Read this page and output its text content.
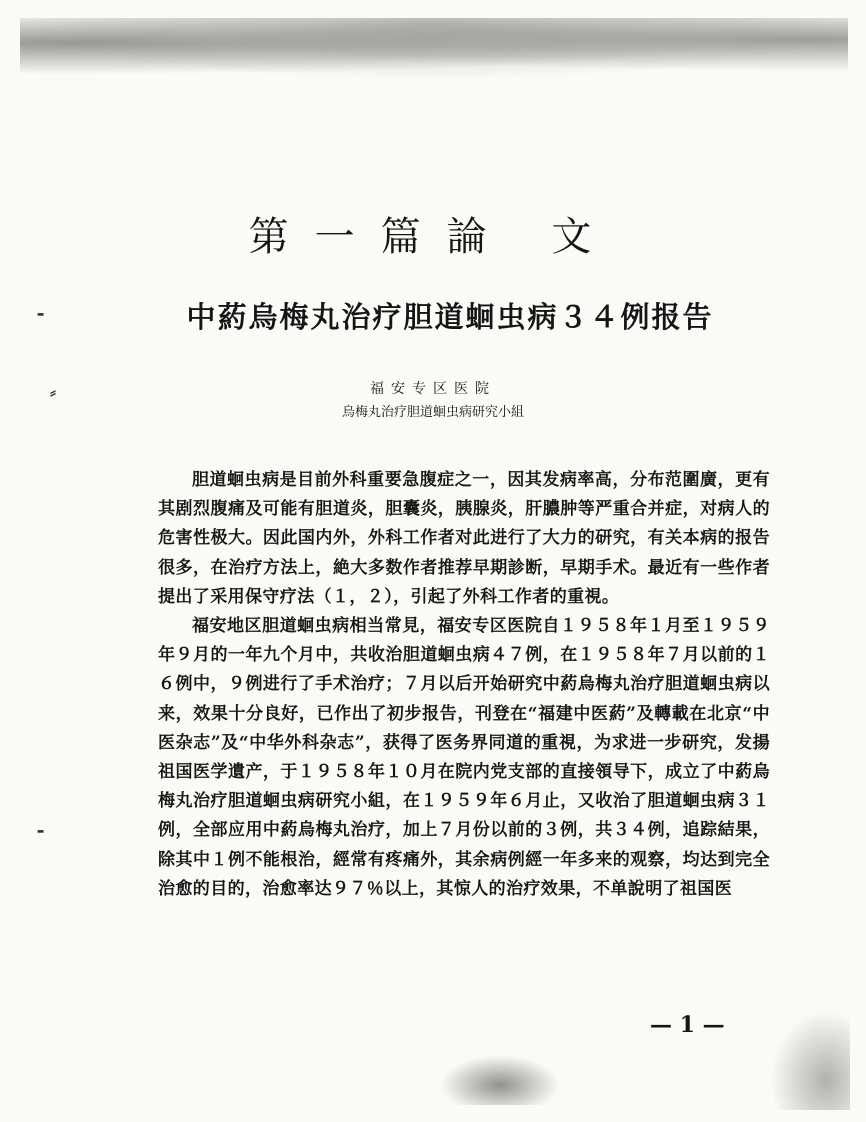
⁃
⸗
⁃
第一篇論 文
中葯烏梅丸治疗胆道蛔虫病３４例报告
福安专区医院
烏梅丸治疗胆道蛔虫病研究小組

胆道蛔虫病是目前外科重要急腹症之一，因其发病率高，分布范圍廣，更有其剧烈腹痛及可能有胆道炎，胆囊炎，胰腺炎，肝膿肿等严重合并症，对病人的危害性极大。因此国内外，外科工作者对此进行了大力的研究，有关本病的报告很多，在治疗方法上，絶大多数作者推荐早期診断，早期手术。最近有一些作者提出了采用保守疗法（１，２），引起了外科工作者的重視。

福安地区胆道蛔虫病相当常見，福安专区医院自１９５８年１月至１９５９年９月的一年九个月中，共收治胆道蛔虫病４７例，在１９５８年７月以前的１６例中，９例进行了手术治疗；７月以后开始研究中葯烏梅丸治疗胆道蛔虫病以来，效果十分良好，已作出了初步报告，刊登在“福建中医葯”及轉載在北京“中医杂志”及“中华外科杂志”，获得了医务界同道的重視，为求进一步研究，发揚祖国医学遺产，于１９５８年１０月在院内党支部的直接領导下，成立了中葯烏梅丸治疗胆道蛔虫病研究小組，在１９５９年６月止，又收治了胆道蛔虫病３１例，全部应用中葯烏梅丸治疗，加上７月份以前的３例，共３４例，追踪結果，除其中１例不能根治，經常有疼痛外，其余病例經一年多来的观察，均达到完全治愈的目的，治愈率达９７％以上，其惊人的治疗效果，不单說明了祖国医

— 1 —
